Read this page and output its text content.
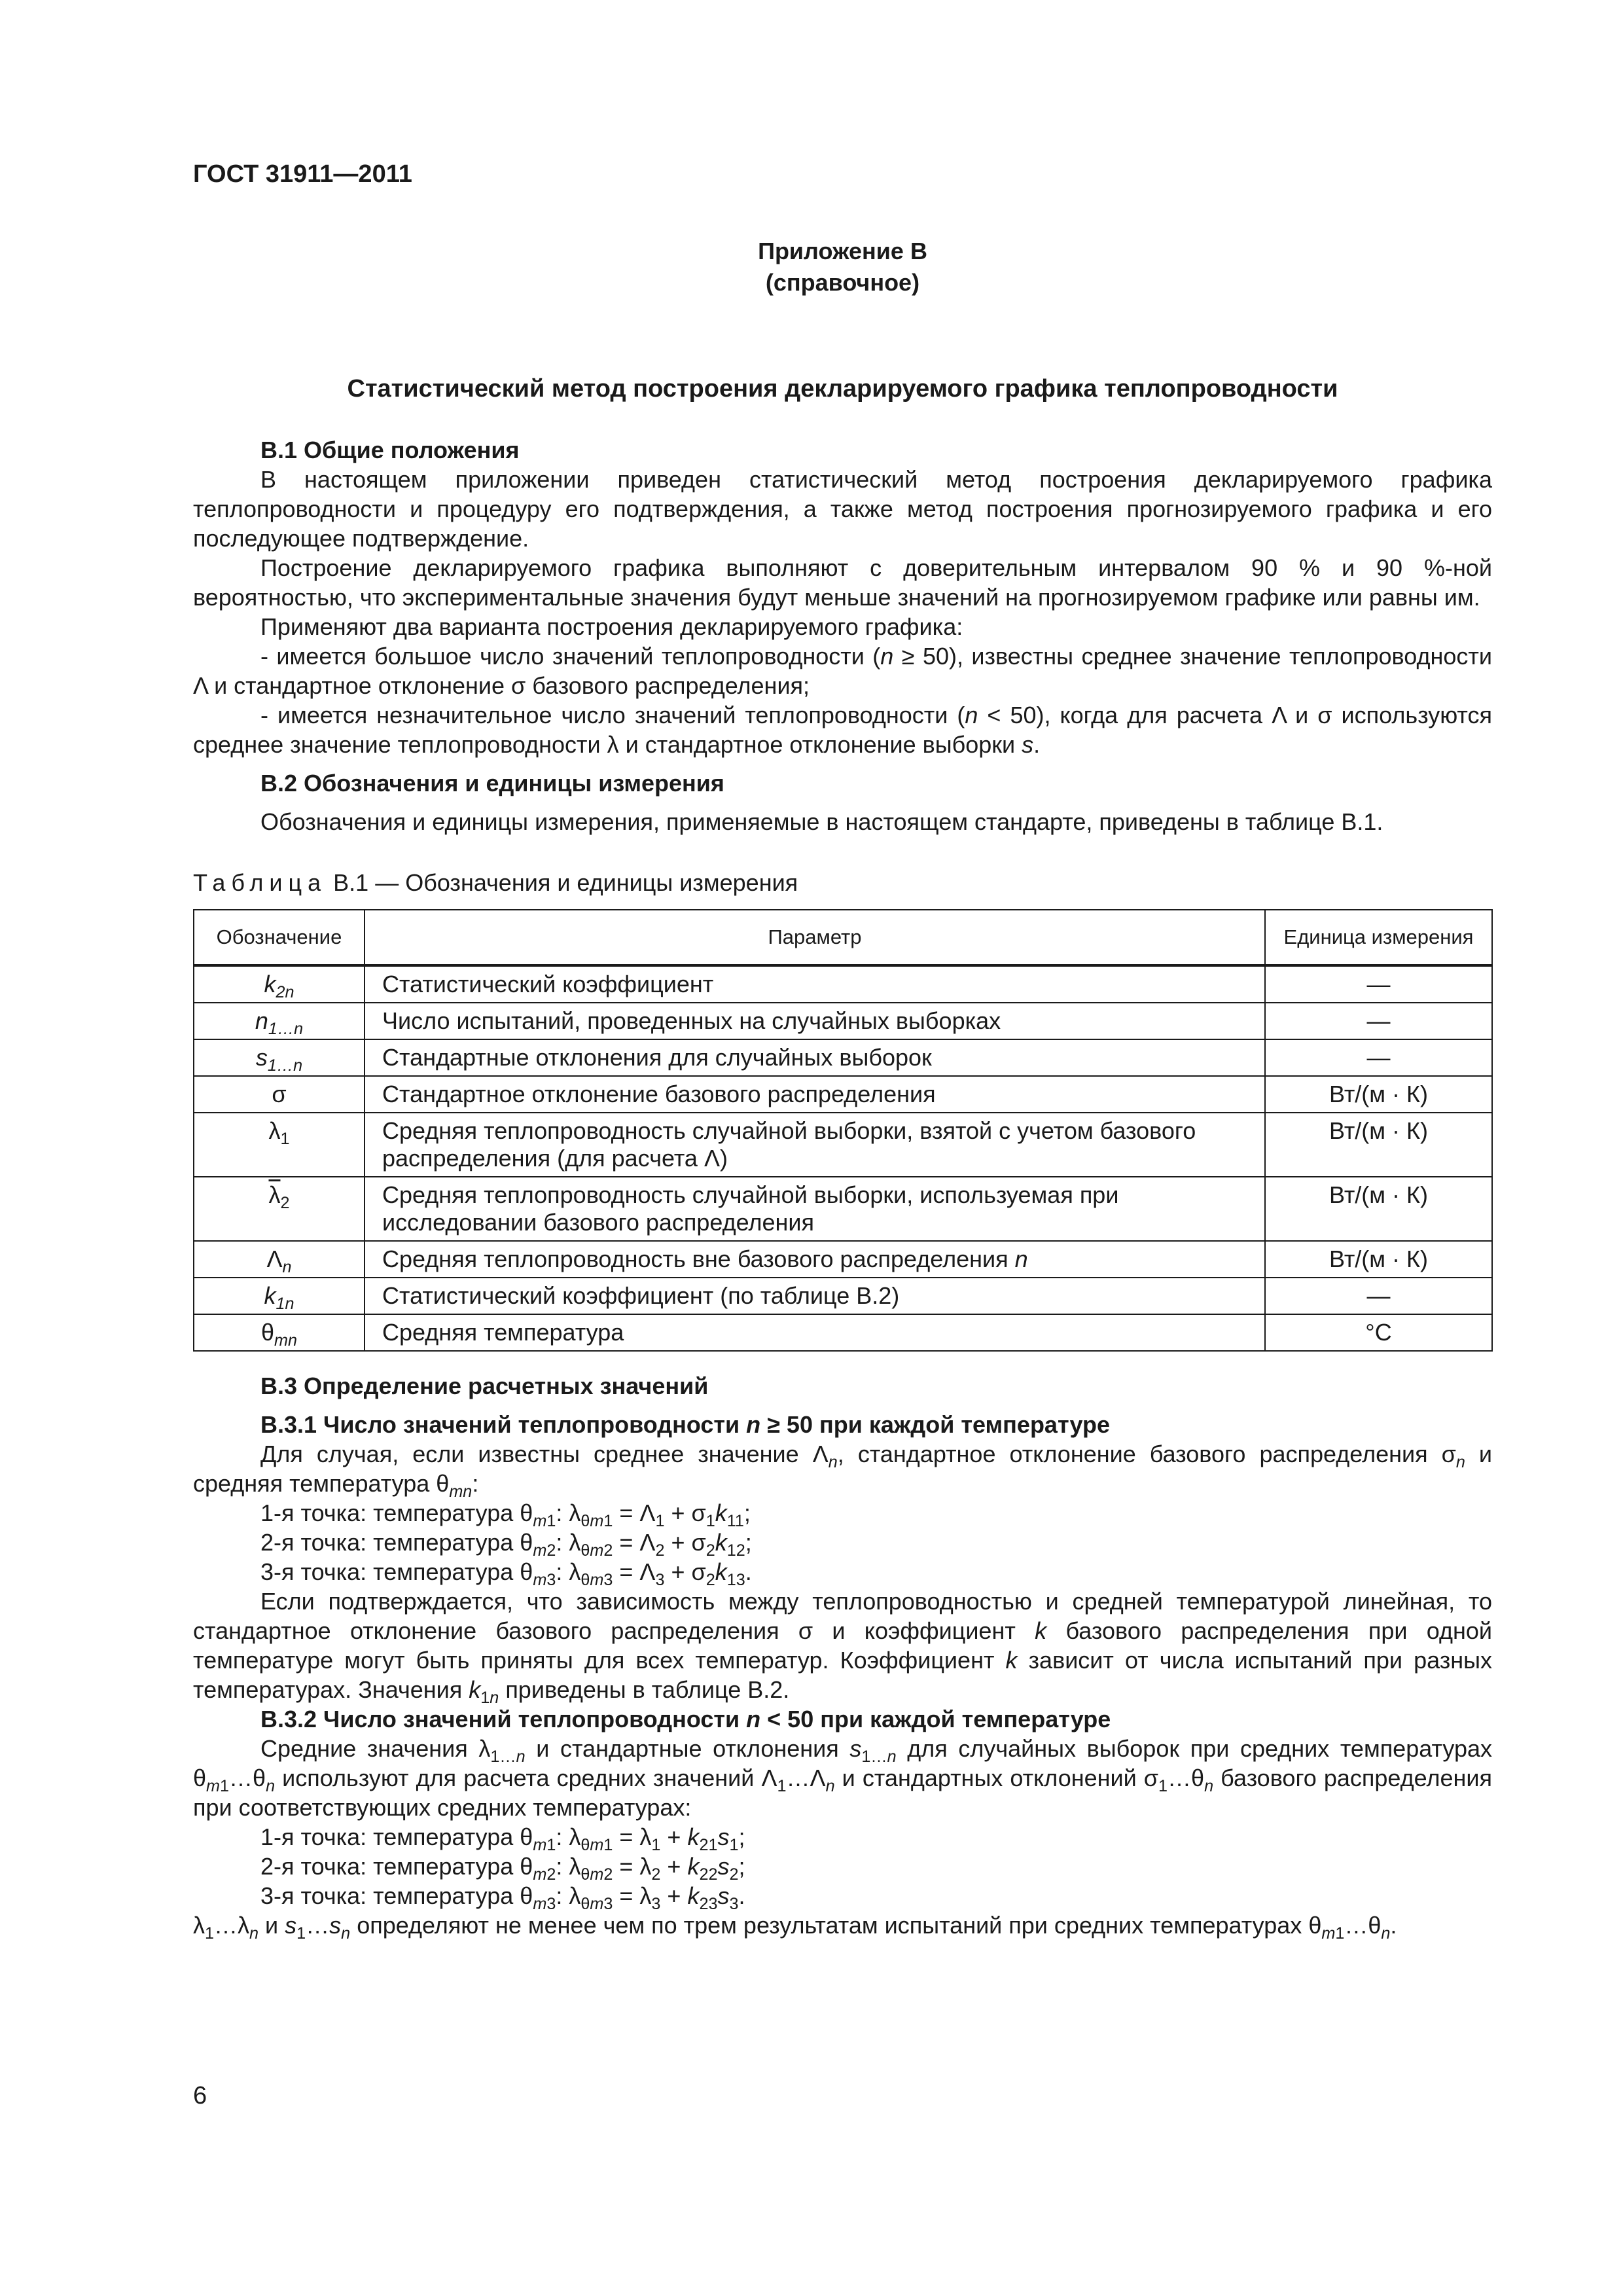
ГОСТ 31911—2011
Приложение В
(справочное)
Статистический метод построения декларируемого графика теплопроводности

В.1 Общие положения

В настоящем приложении приведен статистический метод построения декларируемого графика теплопроводности и процедуру его подтверждения, а также метод построения прогнозируемого графика и его последующее подтверждение.

Построение декларируемого графика выполняют с доверительным интервалом 90 % и 90 %-ной вероятностью, что экспериментальные значения будут меньше значений на прогнозируемом графике или равны им.

Применяют два варианта построения декларируемого графика:

- имеется большое число значений теплопроводности (n ≥ 50), известны среднее значение теплопроводности Λ и стандартное отклонение σ базового распределения;

- имеется незначительное число значений теплопроводности (n < 50), когда для расчета Λ и σ используются среднее значение теплопроводности λ и стандартное отклонение выборки s.

В.2 Обозначения и единицы измерения

Обозначения и единицы измерения, применяемые в настоящем стандарте, приведены в таблице В.1.

Таблица В.1 — Обозначения и единицы измерения

Обозначение	Параметр	Единица измерения
$k_{2n}$	Статистический коэффициент	—
$n_{1\dots n}$	Число испытаний, проведенных на случайных выборках	—
$s_{1\dots n}$	Стандартные отклонения для случайных выборок	—
σ	Стандартное отклонение базового распределения	Вт/(м · К)
$\lambda_1$	Средняя теплопроводность случайной выборки, взятой с учетом базового распределения (для расчета Λ)	Вт/(м · К)
$\overline{\lambda}_2$	Средняя теплопроводность случайной выборки, используемая при исследовании базового распределения	Вт/(м · К)
$\Lambda_n$	Средняя теплопроводность вне базового распределения n	Вт/(м · К)
$k_{1n}$	Статистический коэффициент (по таблице В.2)	—
$\theta_{mn}$	Средняя температура	°С

В.3 Определение расчетных значений

В.3.1 Число значений теплопроводности n ≥ 50 при каждой температуре

Для случая, если известны среднее значение $\Lambda_n$, стандартное отклонение базового распределения $\sigma_n$ и средняя температура $\theta_{mn}$:

1-я точка: температура $\theta_{m1}$: $\lambda_{\theta m1} = \Lambda_1 + \sigma_1k_{11}$;

2-я точка: температура $\theta_{m2}$: $\lambda_{\theta m2} = \Lambda_2 + \sigma_2k_{12}$;

3-я точка: температура $\theta_{m3}$: $\lambda_{\theta m3} = \Lambda_3 + \sigma_2k_{13}$.

Если подтверждается, что зависимость между теплопроводностью и средней температурой линейная, то стандартное отклонение базового распределения σ и коэффициент k базового распределения при одной температуре могут быть приняты для всех температур. Коэффициент k зависит от числа испытаний при разных температурах. Значения $k_{1n}$ приведены в таблице В.2.

В.3.2 Число значений теплопроводности n < 50 при каждой температуре

Средние значения $\lambda_{1\dots n}$ и стандартные отклонения $s_{1\dots n}$ для случайных выборок при средних температурах $\theta_{m1}\dots\theta_n$ используют для расчета средних значений $\Lambda_1\dots\Lambda_n$ и стандартных отклонений $\sigma_1\dots\theta_n$ базового распределения при соответствующих средних температурах:

1-я точка: температура $\theta_{m1}$: $\lambda_{\theta m1} = \lambda_1 + k_{21}s_1$;

2-я точка: температура $\theta_{m2}$: $\lambda_{\theta m2} = \lambda_2 + k_{22}s_2$;

3-я точка: температура $\theta_{m3}$: $\lambda_{\theta m3} = \lambda_3 + k_{23}s_3$.

$\lambda_1\dots\lambda_n$ и $s_1\dots s_n$ определяют не менее чем по трем результатам испытаний при средних температурах $\theta_{m1}\dots\theta_n$.

6
